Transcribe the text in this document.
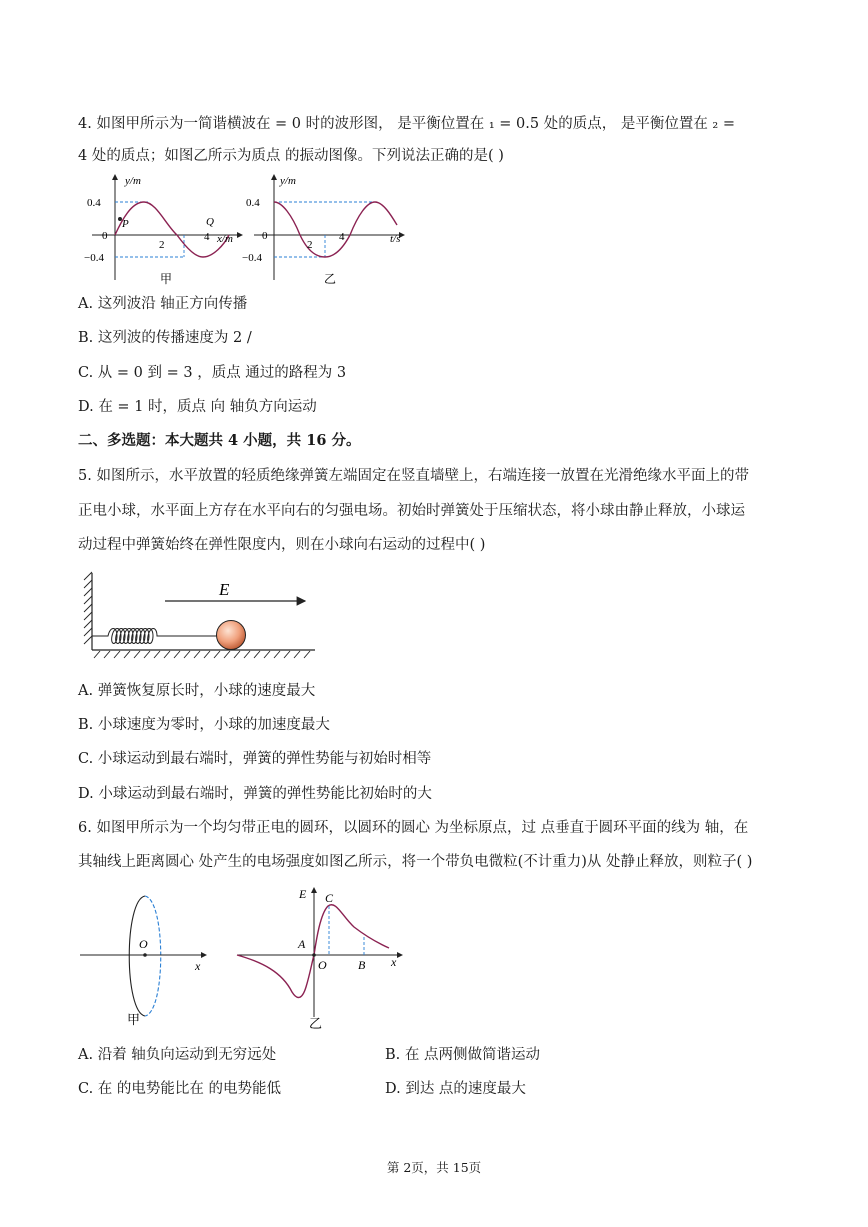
4. 如图甲所示为一简谐横波在 = 0 时的波形图， 是平衡位置在 ₁ = 0.5 处的质点， 是平衡位置在 ₂ =
4 处的质点；如图乙所示为质点 的振动图像。下列说法正确的是( )
y/m
0.4
−0.4
0
2
4 x/m
P	Q
甲
y/m
0.4
−0.4
0
2
4	t/s
乙
A. 这列波沿 轴正方向传播
B. 这列波的传播速度为 2 /
C. 从 = 0 到 = 3 ，质点 通过的路程为 3
D. 在 = 1 时，质点 向 轴负方向运动
二、多选题：本大题共 4 小题，共 16 分。
5. 如图所示，水平放置的轻质绝缘弹簧左端固定在竖直墙壁上，右端连接一放置在光滑绝缘水平面上的带
正电小球，水平面上方存在水平向右的匀强电场。初始时弹簧处于压缩状态，将小球由静止释放，小球运
动过程中弹簧始终在弹性限度内，则在小球向右运动的过程中( )
E
A. 弹簧恢复原长时，小球的速度最大
B. 小球速度为零时，小球的加速度最大
C. 小球运动到最右端时，弹簧的弹性势能与初始时相等
D. 小球运动到最右端时，弹簧的弹性势能比初始时的大
6. 如图甲所示为一个均匀带正电的圆环，以圆环的圆心 为坐标原点，过 点垂直于圆环平面的线为 轴，在
其轴线上距离圆心 处产生的电场强度如图乙所示，将一个带负电微粒(不计重力)从 处静止释放，则粒子( )
O
x
甲
E C
A
O	B x
乙
A. 沿着 轴负向运动到无穷远处	B. 在 点两侧做简谐运动
C. 在 的电势能比在 的电势能低	D. 到达 点的速度最大
第 2页，共 15页
